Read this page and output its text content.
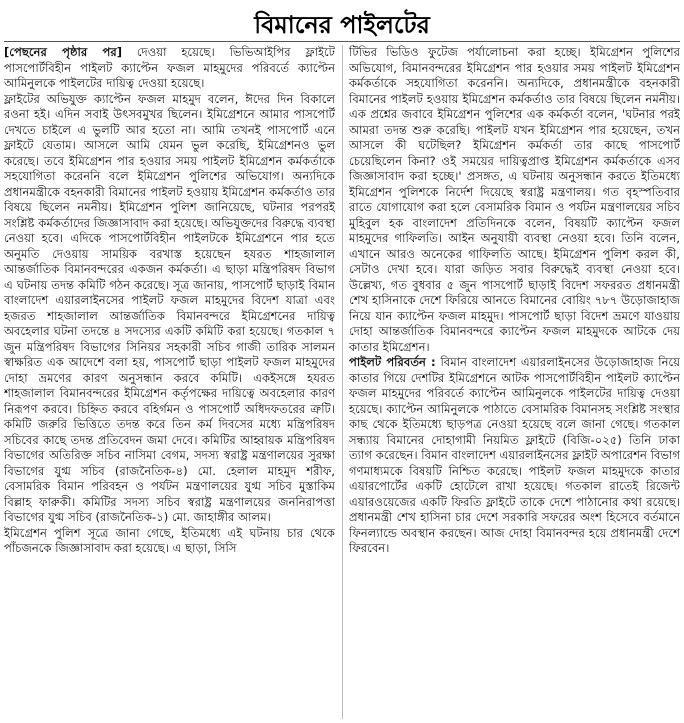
বিমানের পাইলটের

[পেছনের পৃষ্ঠার পর] দেওয়া হয়েছে। ভিভিআইপির ফ্লাইটে পাসপোর্টবিহীন পাইলট ক্যাপ্টেন ফজল মাহমুদের পরিবর্তে ক্যাপ্টেন আমিনুলকে পাইলটের দায়িত্ব দেওয়া হয়েছে।

ফ্লাইটের অভিযুক্ত ক্যাপ্টেন ফজল মাহমুদ বলেন, ঈদের দিন বিকালে রওনা হই। এদিন সবাই উৎসবমুখর ছিলেন। ইমিগ্রেশনে আমার পাসপোর্ট দেখতে চাইলে এ ভুলটি আর হতো না। আমি তখনই পাসপোর্ট এনে ফ্লাইটে যেতাম। আসলে আমি যেমন ভুল করেছি, ইমিগ্রেশনও ভুল করেছে। তবে ইমিগ্রেশন পার হওয়ার সময় পাইলট ইমিগ্রেশন কর্মকর্তাকে সহযোগিতা করেননি বলে ইমিগ্রেশন পুলিশের অভিযোগ। অন্যদিকে প্রধানমন্ত্রীকে বহনকারী বিমানের পাইলট হওয়ায় ইমিগ্রেশন কর্মকর্তাও তার বিষয়ে ছিলেন নমনীয়। ইমিগ্রেশন পুলিশ জানিয়েছে, ঘটনার পরপরই সংশ্লিষ্ট কর্মকর্তাদের জিজ্ঞাসাবাদ করা হয়েছে। অভিযুক্তদের বিরুদ্ধে ব্যবস্থা নেওয়া হবে। এদিকে পাসপোর্টবিহীন পাইলটকে ইমিগ্রেশনে পার হতে অনুমতি দেওয়ায় সাময়িক বরখাস্ত হয়েছেন হযরত শাহজালাল আন্তর্জাতিক বিমানবন্দরের একজন কর্মকর্তা। এ ছাড়া মন্ত্রিপরিষদ বিভাগ এ ঘটনায় তদন্ত কমিটি গঠন করেছে। সূত্র জানায়, পাসপোর্ট ছাড়াই বিমান বাংলাদেশ এয়ারলাইনসের পাইলট ফজল মাহমুদের বিদেশ যাত্রা এবং হজরত শাহজালাল আন্তর্জাতিক বিমানবন্দরে ইমিগ্রেশনের দায়িত্ব অবহেলার ঘটনা তদন্তে ৪ সদস্যের একটি কমিটি করা হয়েছে। গতকাল ৭ জুন মন্ত্রিপরিষদ বিভাগের সিনিয়র সহকারী সচিব গাজী তারিক সালমন স্বাক্ষরিত এক আদেশে বলা হয়, পাসপোর্ট ছাড়া পাইলট ফজল মাহমুদের দোহা ভ্রমণের কারণ অনুসন্ধান করবে কমিটি। একইসঙ্গে হযরত শাহজালাল বিমানবন্দরের ইমিগ্রেশন কর্তৃপক্ষের দায়িত্বে অবহেলার কারণ নিরূপণ করবে। চিহ্নিত করবে বহির্গমন ও পাসপোর্ট অধিদফতরের ত্রুটি। কমিটি জরুরি ভিত্তিতে তদন্ত করে তিন কর্ম দিবসের মধ্যে মন্ত্রিপরিষদ সচিবের কাছে তদন্ত প্রতিবেদন জমা দেবে। কমিটির আহ্বায়ক মন্ত্রিপরিষদ বিভাগের অতিরিক্ত সচিব নাসিমা বেগম, সদস্য স্বরাষ্ট্র মন্ত্রণালয়ের সুরক্ষা বিভাগের যুগ্ম সচিব (রাজনৈতিক-৪) মো. হেলাল মাহমুদ শরীফ, বেসামরিক বিমান পরিবহন ও পর্যটন মন্ত্রণালয়ের যুগ্ম সচিব মুস্তাকিম বিল্লাহ ফারুকী। কমিটির সদস্য সচিব স্বরাষ্ট্র মন্ত্রণালয়ের জননিরাপত্তা বিভাগের যুগ্ম সচিব (রাজনৈতিক-১) মো. জাহাঙ্গীর আলম।

ইমিগ্রেশন পুলিশ সূত্রে জানা গেছে, ইতিমধ্যে এই ঘটনায় চার থেকে পাঁচজনকে জিজ্ঞাসাবাদ করা হয়েছে। এ ছাড়া, সিসি

টিভির ভিডিও ফুটেজ পর্যালোচনা করা হচ্ছে। ইমিগ্রেশন পুলিশের অভিযোগ, বিমানবন্দরের ইমিগ্রেশন পার হওয়ার সময় পাইলট ইমিগ্রেশন কর্মকর্তাকে সহযোগিতা করেননি। অন্যদিকে, প্রধানমন্ত্রীকে বহনকারী বিমানের পাইলট হওয়ায় ইমিগ্রেশন কর্মকর্তাও তার বিষয়ে ছিলেন নমনীয়। এক প্রশ্নের জবাবে ইমিগ্রেশন পুলিশের এক কর্মকর্তা বলেন, 'ঘটনার পরই আমরা তদন্ত শুরু করেছি। পাইলট যখন ইমিগ্রেশন পার হয়েছেন, তখন আসলে কী ঘটেছিল? ইমিগ্রেশন কর্মকর্তা তার কাছে পাসপোর্ট চেয়েছিলেন কিনা? ওই সময়ের দায়িত্বপ্রাপ্ত ইমিগ্রেশন কর্মকর্তাকে এসব জিজ্ঞাসাবাদ করা হচ্ছে।' প্রসঙ্গত, এ ঘটনায় অনুসন্ধান করতে ইতিমধ্যে ইমিগ্রেশন পুলিশকে নির্দেশ দিয়েছে স্বরাষ্ট্র মন্ত্রণালয়। গত বৃহস্পতিবার রাতে যোগাযোগ করা হলে বেসামরিক বিমান ও পর্যটন মন্ত্রণালয়ের সচিব মুহিবুল হক বাংলাদেশ প্রতিদিনকে বলেন, বিষয়টি ক্যাপ্টেন ফজল মাহমুদের গাফিলতি। আইন অনুযায়ী ব্যবস্থা নেওয়া হবে। তিনি বলেন, এখানে আরও অনেকের গাফিলতি আছে। ইমিগ্রেশন পুলিশ করল কী, সেটাও দেখা হবে। যারা জড়িত সবার বিরুদ্ধেই ব্যবস্থা নেওয়া হবে। উল্লেখ্য, গত বুধবার ৫ জুন পাসপোর্ট ছাড়াই বিদেশ সফররত প্রধানমন্ত্রী শেখ হাসিনাকে দেশে ফিরিয়ে আনতে বিমানের বোয়িং ৭৮৭ উড়োজাহাজ নিয়ে যান ক্যাপ্টেন ফজল মাহমুদ। পাসপোর্ট ছাড়া বিদেশ ভ্রমণে যাওয়ায় দোহা আন্তর্জাতিক বিমানবন্দরে ক্যাপ্টেন ফজল মাহমুদকে আটকে দেয় কাতার ইমিগ্রেশন।

পাইলট পরিবর্তন : বিমান বাংলাদেশ এয়ারলাইনসের উড়োজাহাজ নিয়ে কাতার গিয়ে দেশটির ইমিগ্রেশনে আটক পাসপোর্টবিহীন পাইলট ক্যাপ্টেন ফজল মাহমুদের পরিবর্তে ক্যাপ্টেন আমিনুলকে পাইলটের দায়িত্ব দেওয়া হয়েছে। ক্যাপ্টেন আমিনুলকে পাঠাতে বেসামরিক বিমানসহ সংশ্লিষ্ট সংস্থার কাছ থেকে ইতিমধ্যে ছাড়পত্র নেওয়া হয়েছে বলে জানা গেছে। গতকাল সন্ধ্যায় বিমানের দোহাগামী নিয়মিত ফ্লাইটে (বিজি-০২৫) তিনি ঢাকা ত্যাগ করেছেন। বিমান বাংলাদেশ এয়ারলাইনসের ফ্লাইট অপারেশন বিভাগ গণমাধ্যমকে বিষয়টি নিশ্চিত করেছে। পাইলট ফজল মাহমুদকে কাতার এয়ারপোর্টের একটি হোটেলে রাখা হয়েছে। গতকাল রাতেই রিজেন্ট এয়ারওয়েজের একটি ফিরতি ফ্লাইটে তাকে দেশে পাঠানোর কথা রয়েছে। প্রধানমন্ত্রী শেখ হাসিনা চার দেশে সরকারি সফরের অংশ হিসেবে বর্তমানে ফিনল্যান্ডে অবস্থান করছেন। আজ দোহা বিমানবন্দর হয়ে প্রধানমন্ত্রী দেশে ফিরবেন।
